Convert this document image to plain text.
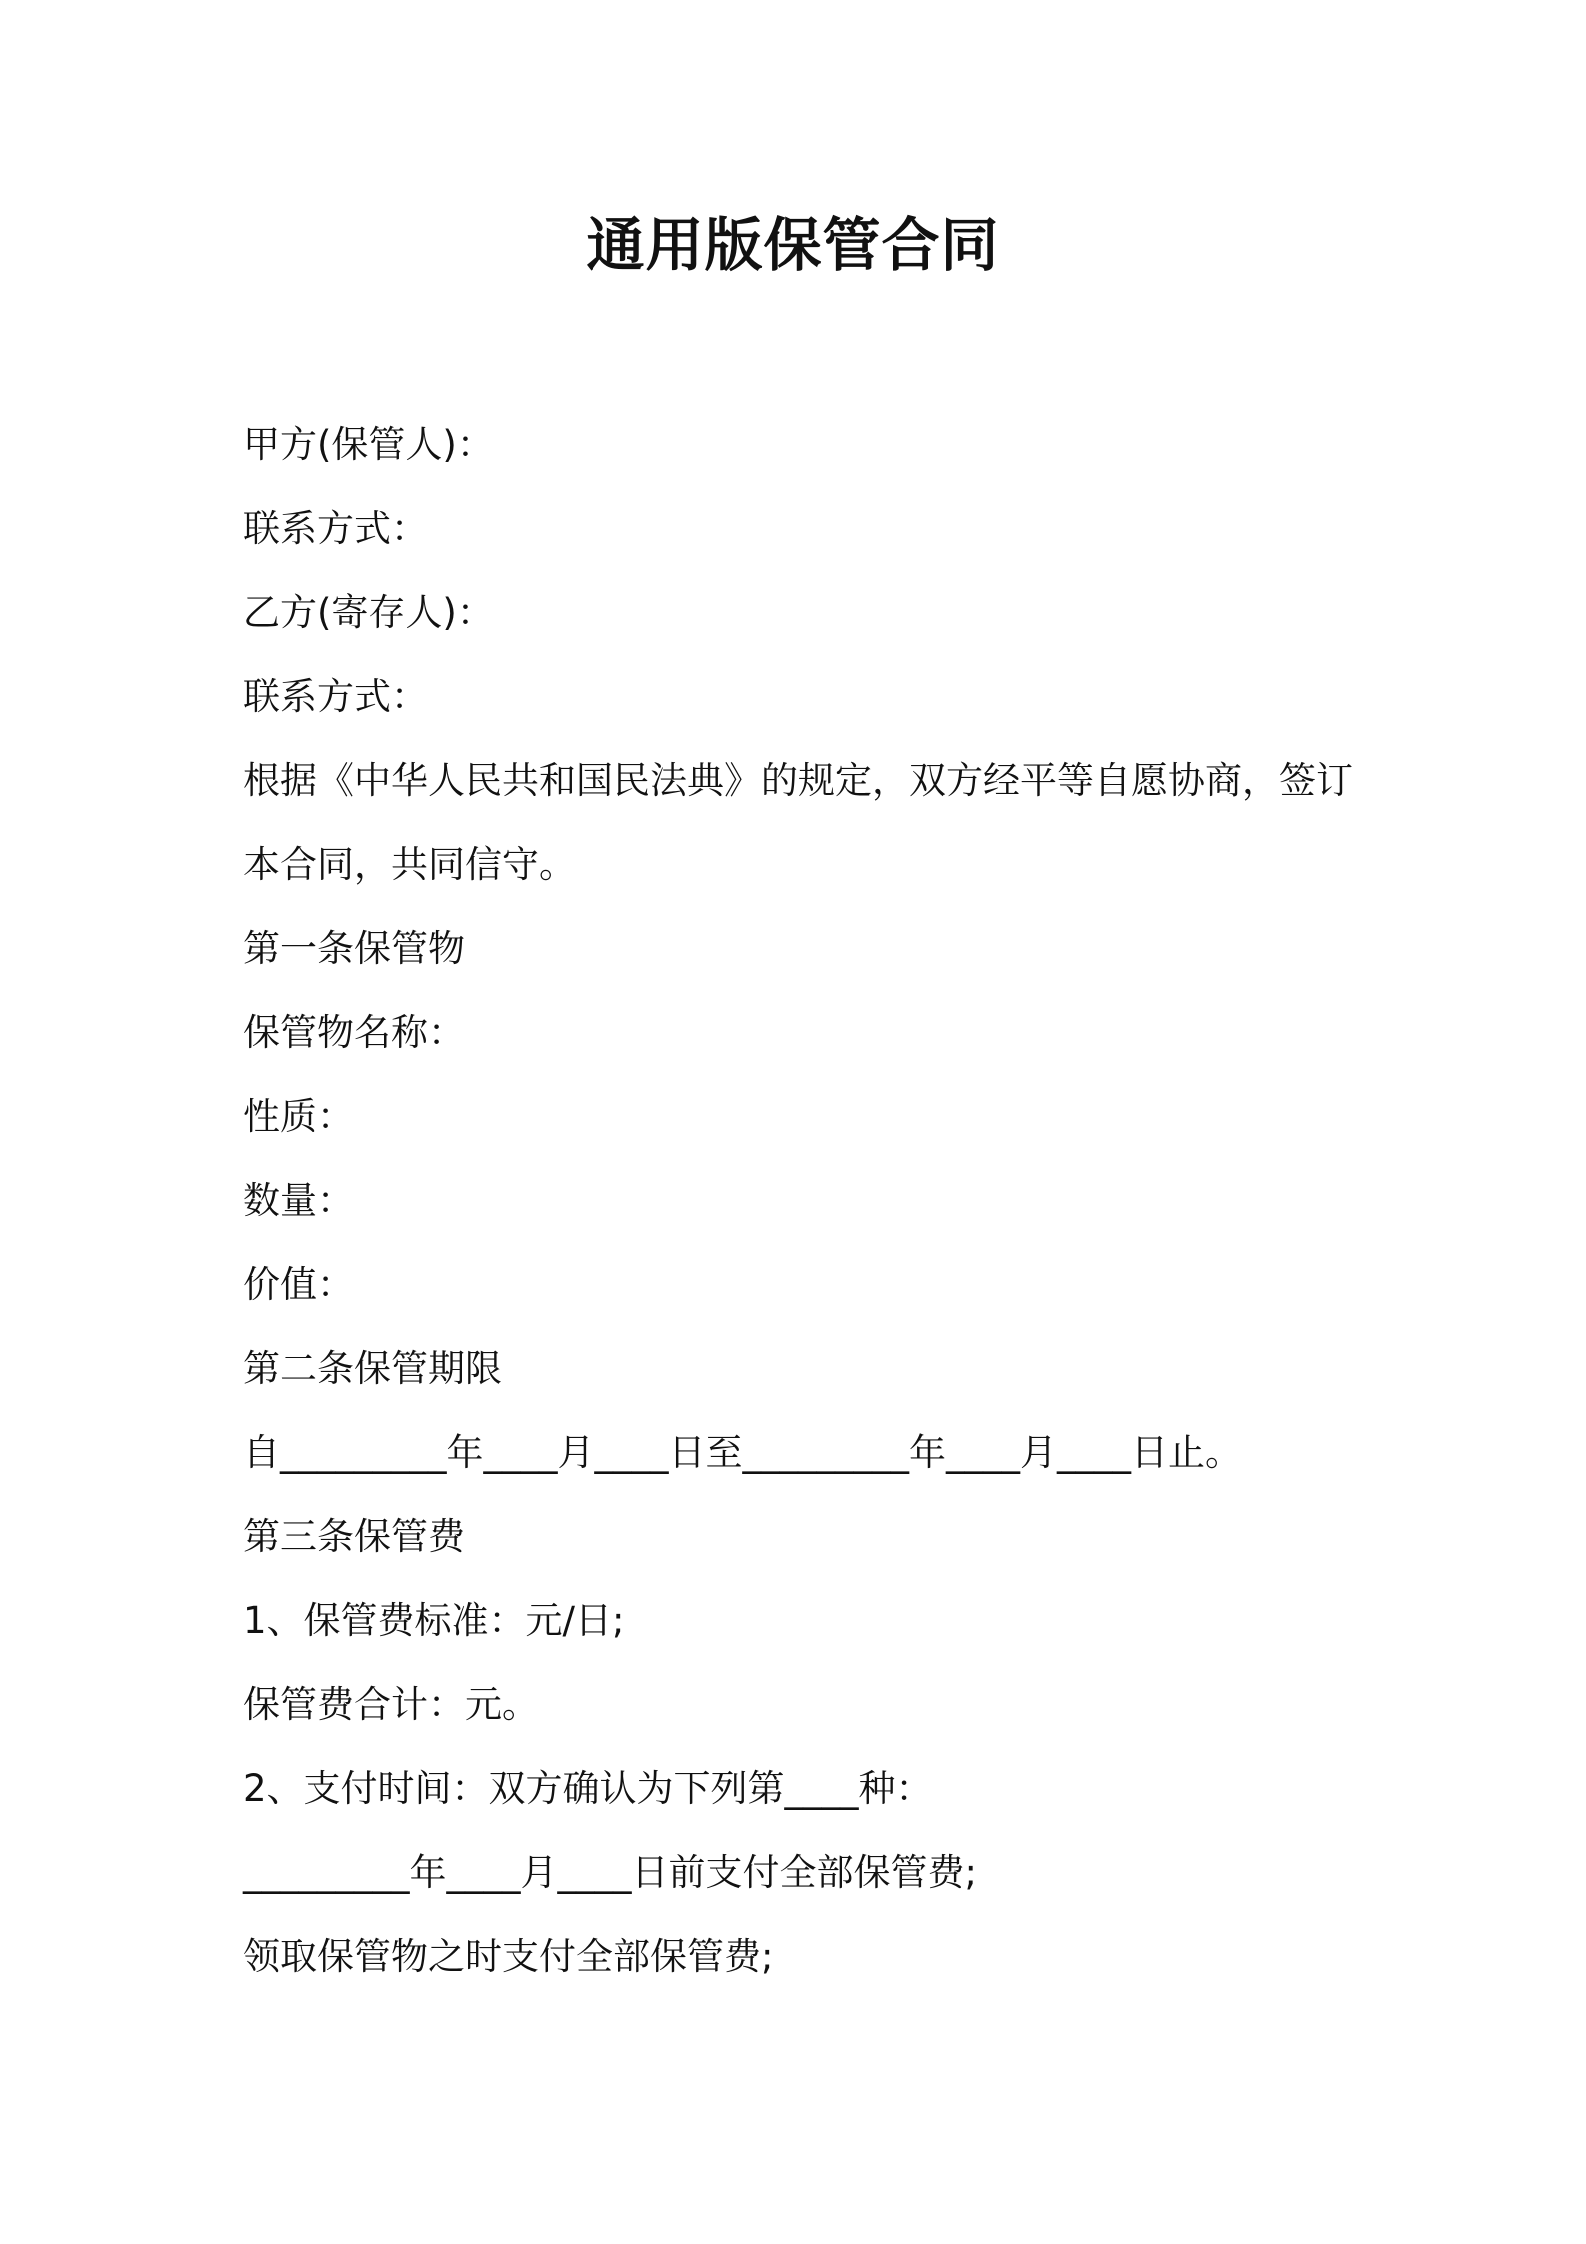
通用版保管合同
甲方(保管人)：
联系方式：
乙方(寄存人)：
联系方式：
根据《中华人民共和国民法典》的规定，双方经平等自愿协商，签订
本合同，共同信守。
第一条保管物
保管物名称：
性质：
数量：
价值：
第二条保管期限
自_________年____月____日至_________年____月____日止。
第三条保管费
1、保管费标准：元/日;
保管费合计：元。
2、支付时间：双方确认为下列第____种：
_________年____月____日前支付全部保管费;
领取保管物之时支付全部保管费;
